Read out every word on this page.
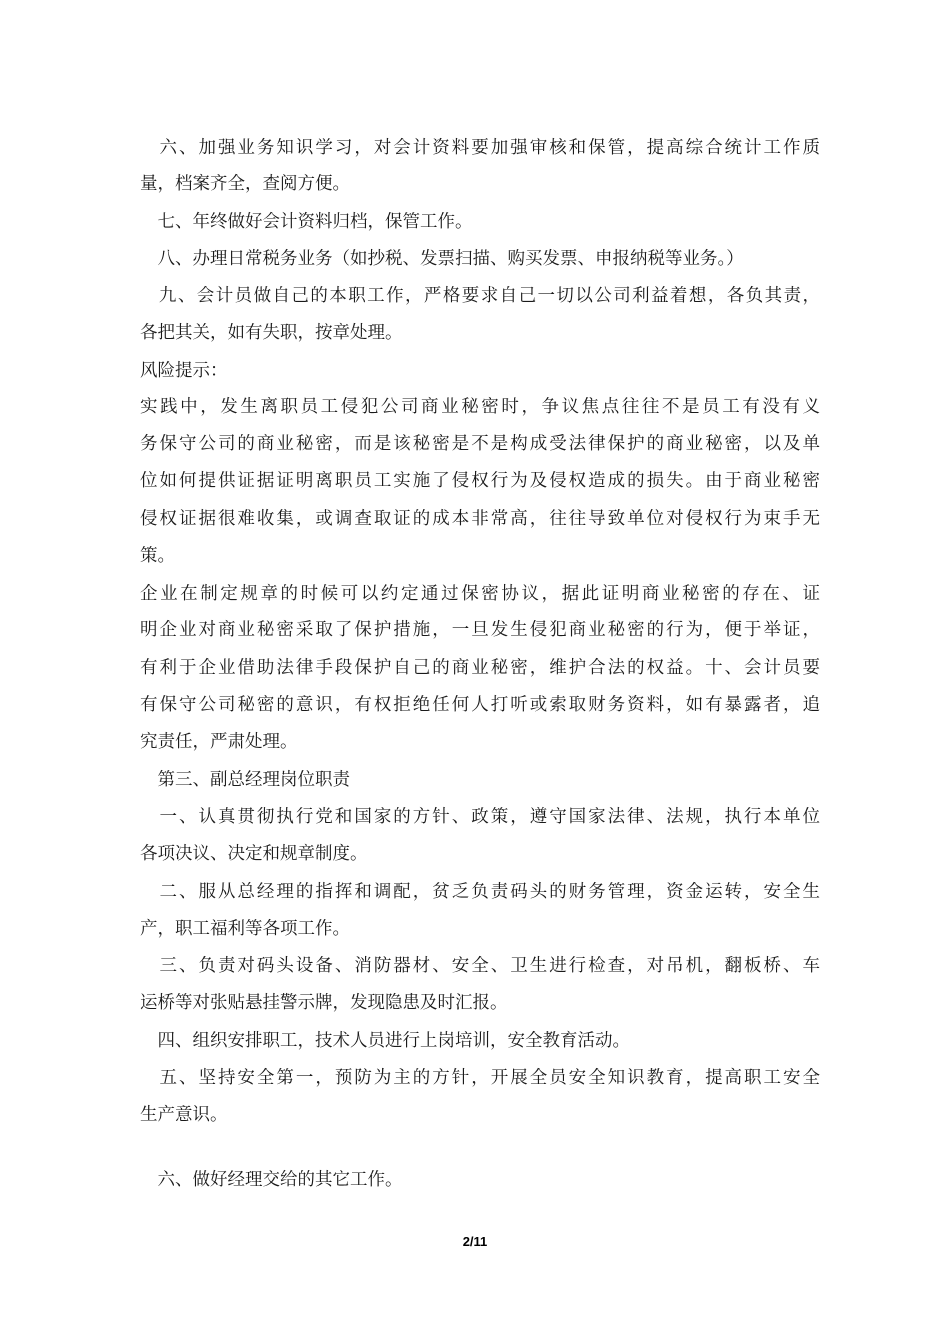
　六、加强业务知识学习，对会计资料要加强审核和保管，提高综合统计工作质

量，档案齐全，查阅方便。

　七、年终做好会计资料归档，保管工作。

　八、办理日常税务业务（如抄税、发票扫描、购买发票、申报纳税等业务。）

　九、会计员做自己的本职工作，严格要求自己一切以公司利益着想，各负其责，

各把其关，如有失职，按章处理。

风险提示：

实践中，发生离职员工侵犯公司商业秘密时，争议焦点往往不是员工有没有义

务保守公司的商业秘密，而是该秘密是不是构成受法律保护的商业秘密，以及单

位如何提供证据证明离职员工实施了侵权行为及侵权造成的损失。由于商业秘密

侵权证据很难收集，或调查取证的成本非常高，往往导致单位对侵权行为束手无

策。

企业在制定规章的时候可以约定通过保密协议，据此证明商业秘密的存在、证

明企业对商业秘密采取了保护措施，一旦发生侵犯商业秘密的行为，便于举证，

有利于企业借助法律手段保护自己的商业秘密，维护合法的权益。十、会计员要

有保守公司秘密的意识，有权拒绝任何人打听或索取财务资料，如有暴露者，追

究责任，严肃处理。

　第三、副总经理岗位职责

　一、认真贯彻执行党和国家的方针、政策，遵守国家法律、法规，执行本单位

各项决议、决定和规章制度。

　二、服从总经理的指挥和调配，贫乏负责码头的财务管理，资金运转，安全生

产，职工福利等各项工作。

　三、负责对码头设备、消防器材、安全、卫生进行检查，对吊机，翻板桥、车

运桥等对张贴悬挂警示牌，发现隐患及时汇报。

　四、组织安排职工，技术人员进行上岗培训，安全教育活动。

　五、坚持安全第一，预防为主的方针，开展全员安全知识教育，提高职工安全

生产意识。

　六、做好经理交给的其它工作。

2/11
